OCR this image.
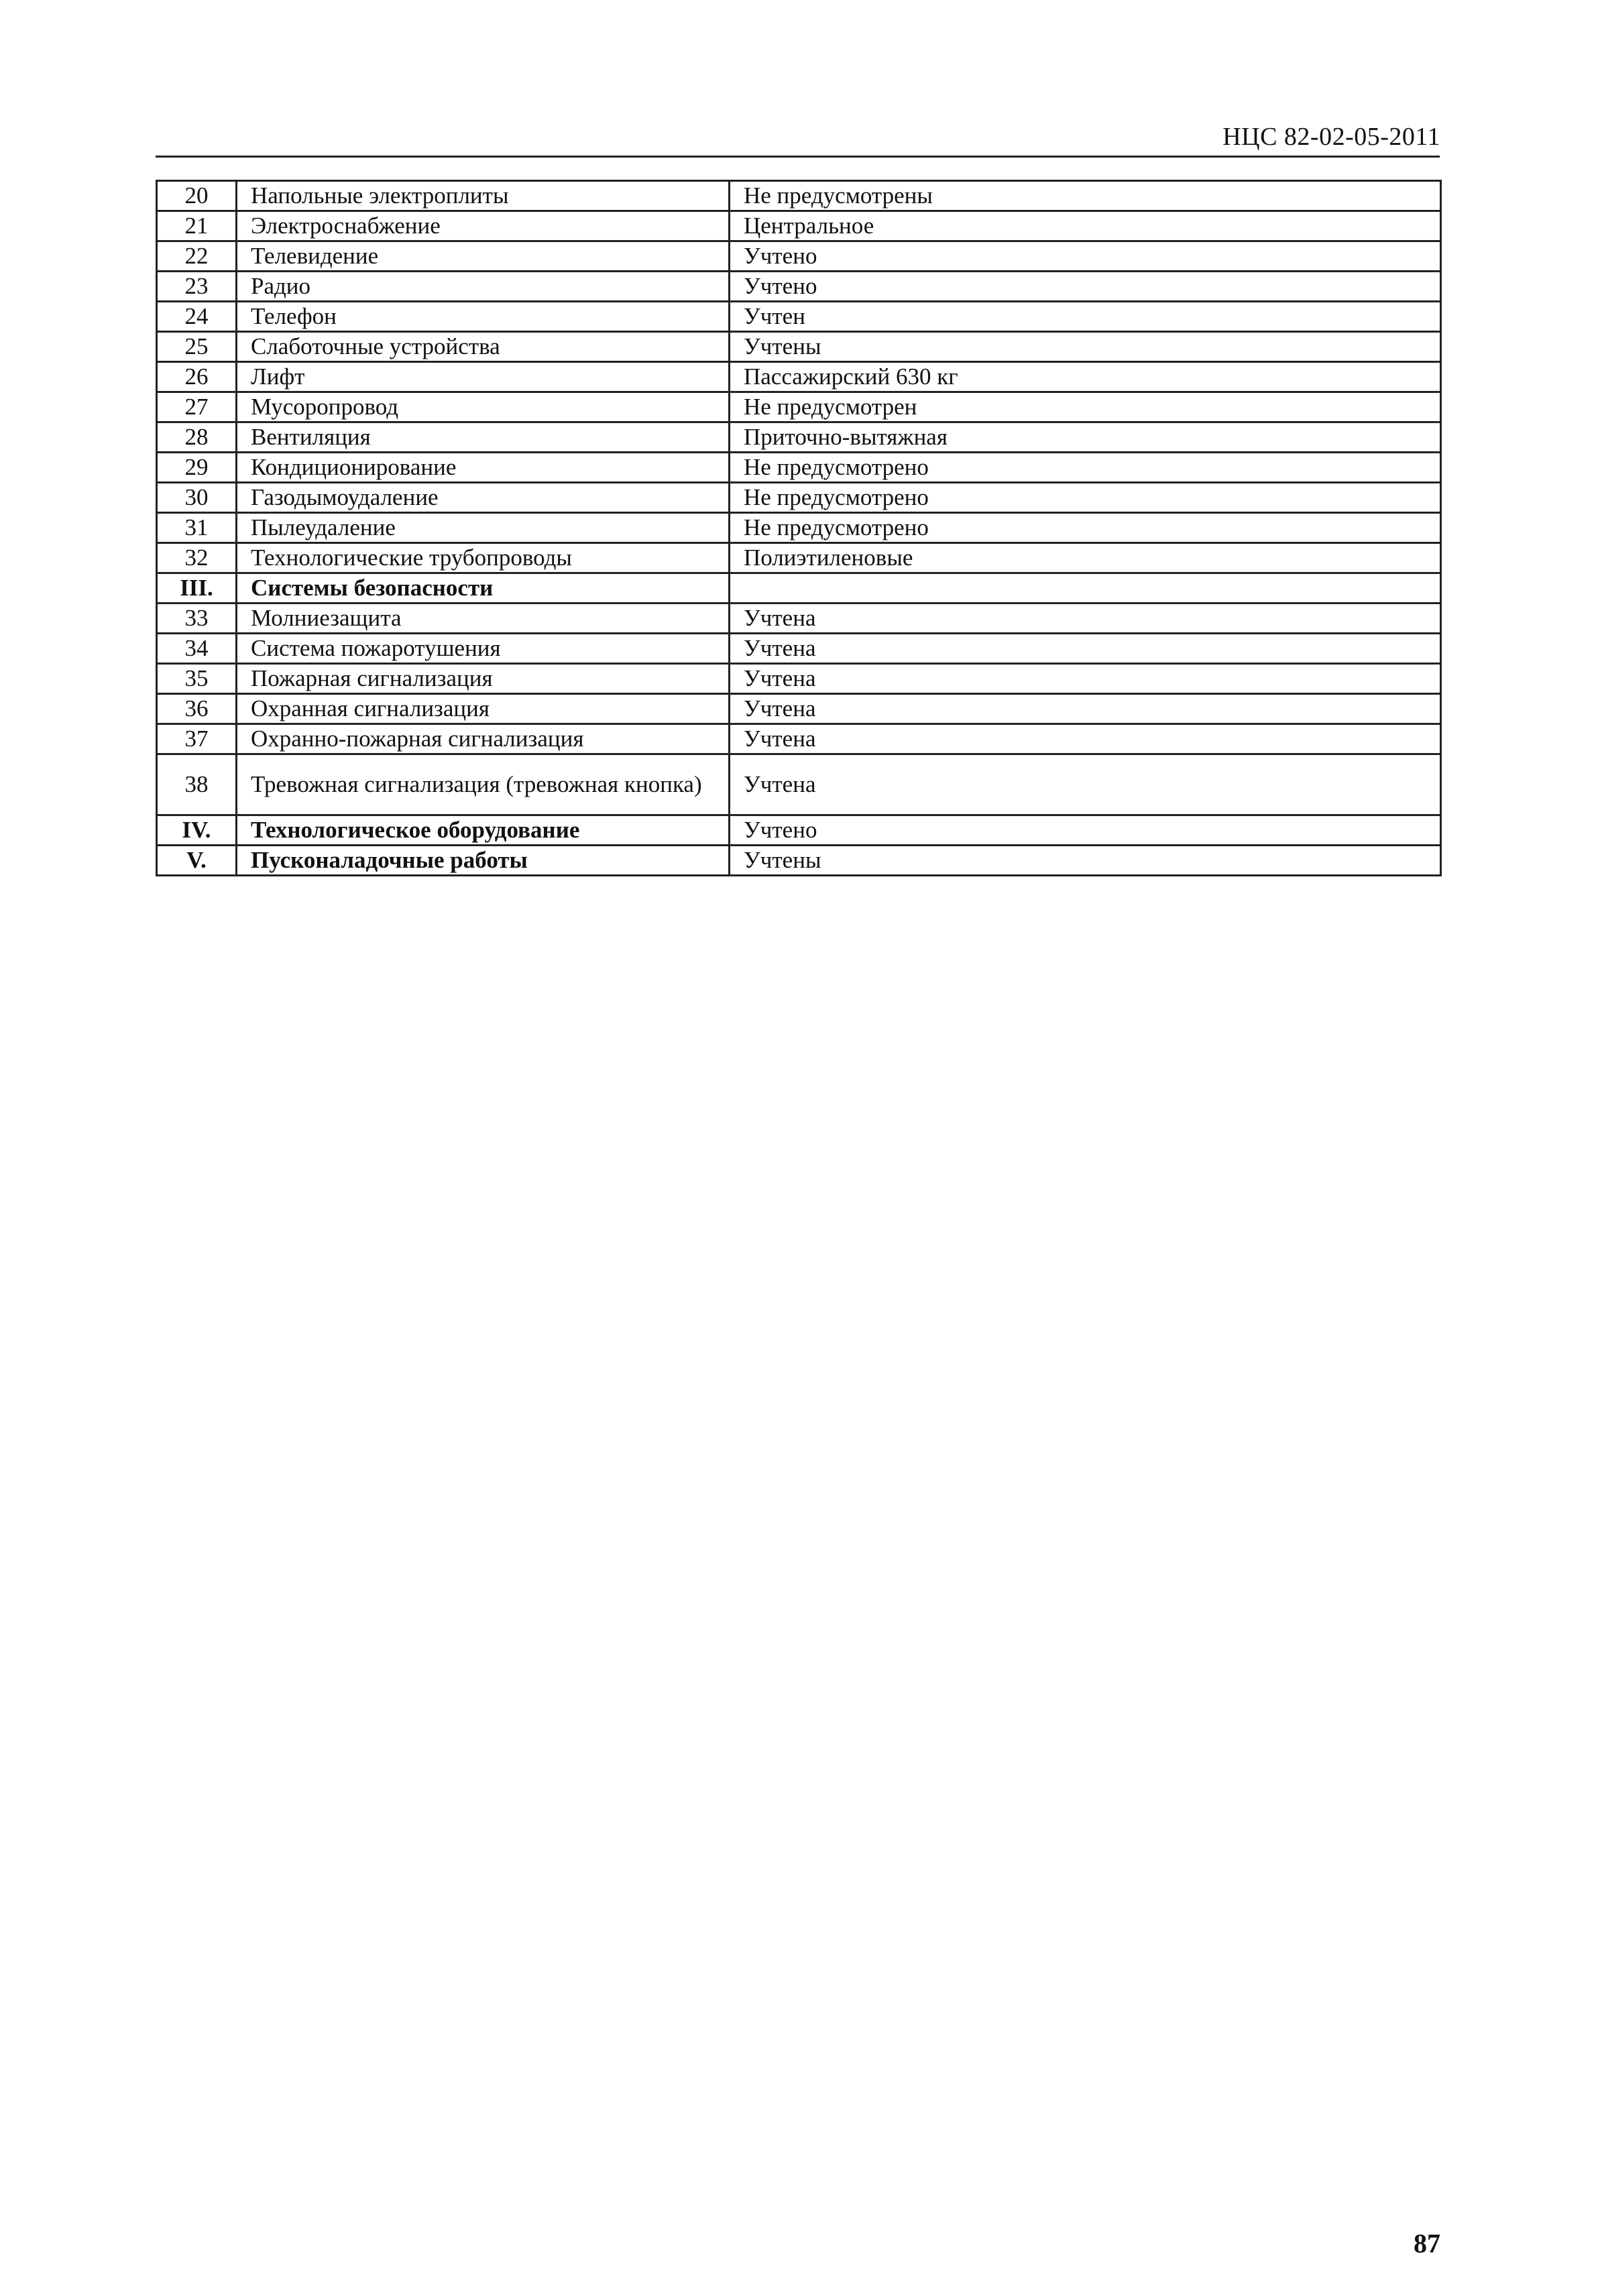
НЦС 82-02-05-2011
20	Напольные электроплиты	Не предусмотрены
21	Электроснабжение	Центральное
22	Телевидение	Учтено
23	Радио	Учтено
24	Телефон	Учтен
25	Слаботочные устройства	Учтены
26	Лифт	Пассажирский 630 кг
27	Мусоропровод	Не предусмотрен
28	Вентиляция	Приточно-вытяжная
29	Кондиционирование	Не предусмотрено
30	Газодымоудаление	Не предусмотрено
31	Пылеудаление	Не предусмотрено
32	Технологические трубопроводы	Полиэтиленовые
III.	Системы безопасности	
33	Молниезащита	Учтена
34	Система пожаротушения	Учтена
35	Пожарная сигнализация	Учтена
36	Охранная сигнализация	Учтена
37	Охранно-пожарная сигнализация	Учтена
38	Тревожная сигнализация (тревожная кнопка)	Учтена
IV.	Технологическое оборудование	Учтено
V.	Пусконаладочные работы	Учтены
87
